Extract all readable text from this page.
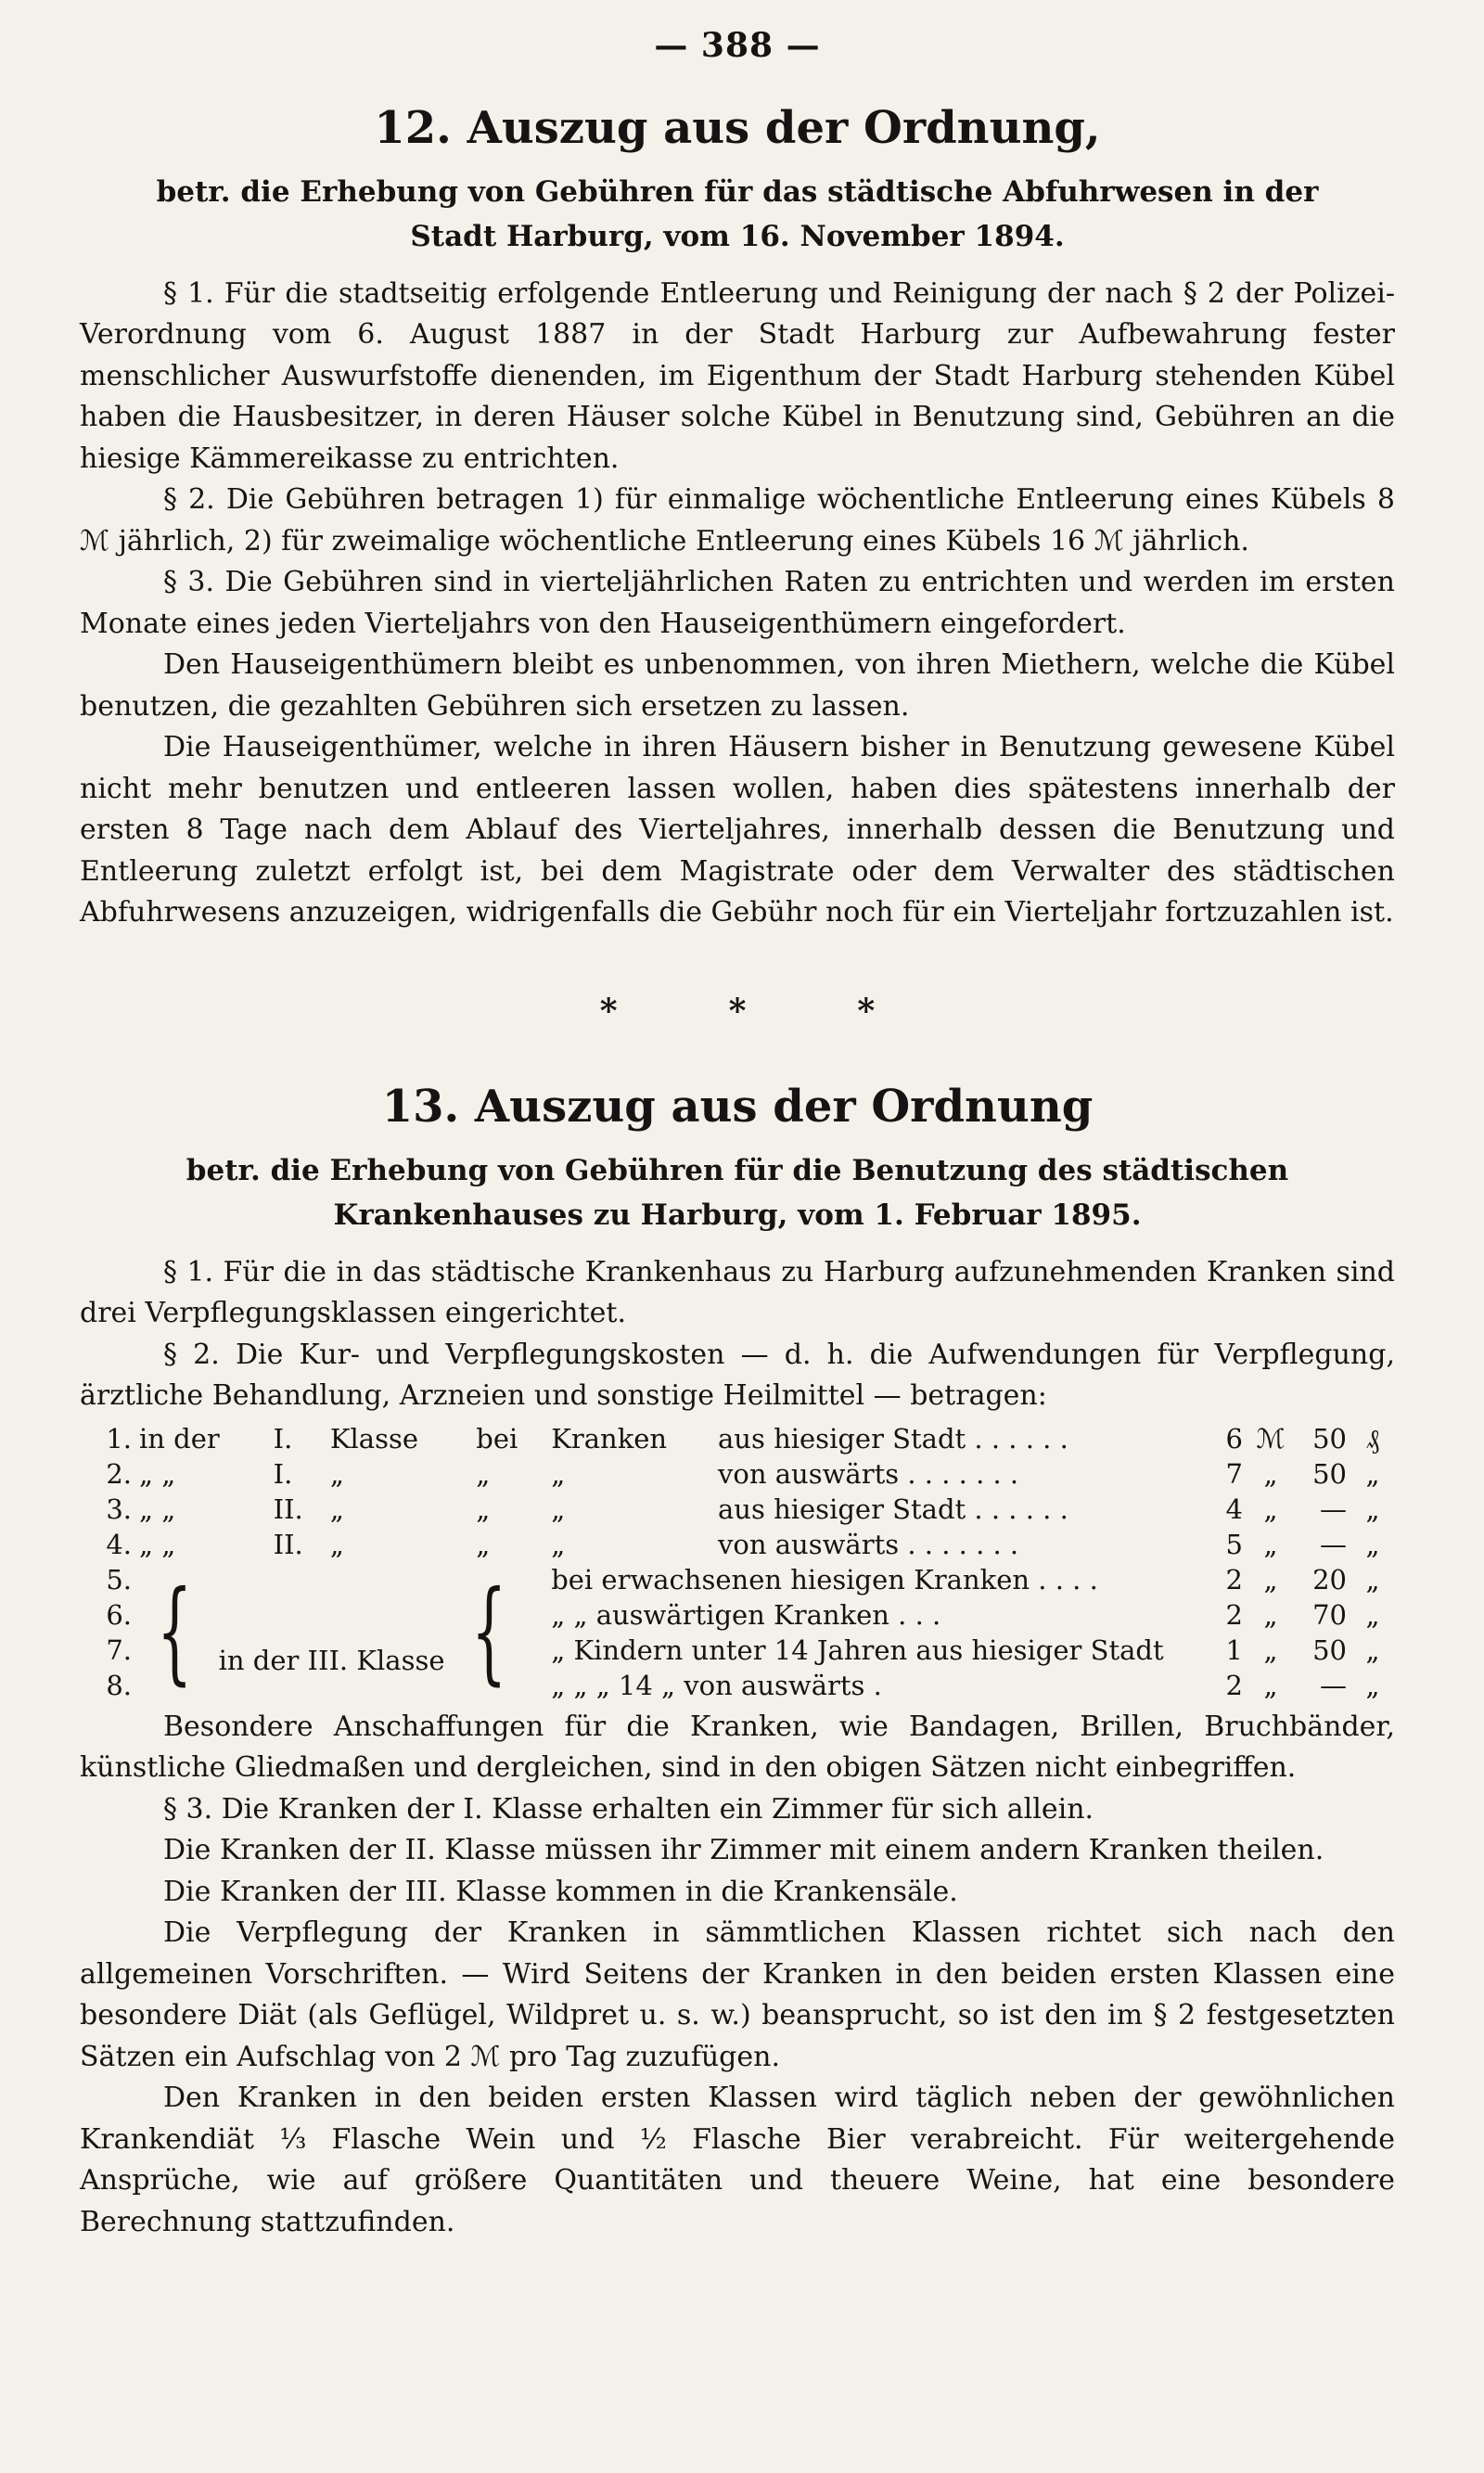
— 388 —
12. Auszug aus der Ordnung,
betr. die Erhebung von Gebühren für das städtische Abfuhrwesen in der
Stadt Harburg, vom 16. November 1894.

§ 1. Für die stadtseitig erfolgende Entleerung und Reinigung der nach § 2 der Polizei-Verordnung vom 6. August 1887 in der Stadt Harburg zur Aufbewahrung fester menschlicher Auswurfstoffe dienenden, im Eigenthum der Stadt Harburg stehenden Kübel haben die Hausbesitzer, in deren Häuser solche Kübel in Benutzung sind, Gebühren an die hiesige Kämmereikasse zu entrichten.

§ 2. Die Gebühren betragen 1) für einmalige wöchentliche Entleerung eines Kübels 8 ℳ jährlich, 2) für zweimalige wöchentliche Entleerung eines Kübels 16 ℳ jährlich.

§ 3. Die Gebühren sind in vierteljährlichen Raten zu entrichten und werden im ersten Monate eines jeden Vierteljahrs von den Hauseigenthümern eingefordert.

Den Hauseigenthümern bleibt es unbenommen, von ihren Miethern, welche die Kübel benutzen, die gezahlten Gebühren sich ersetzen zu lassen.

Die Hauseigenthümer, welche in ihren Häusern bisher in Benutzung gewesene Kübel nicht mehr benutzen und entleeren lassen wollen, haben dies spätestens innerhalb der ersten 8 Tage nach dem Ablauf des Vierteljahres, innerhalb dessen die Benutzung und Entleerung zuletzt erfolgt ist, bei dem Magistrate oder dem Verwalter des städtischen Abfuhrwesens anzuzeigen, widrigenfalls die Gebühr noch für ein Vierteljahr fortzuzahlen ist.

*	*	*
13. Auszug aus der Ordnung
betr. die Erhebung von Gebühren für die Benutzung des städtischen
Krankenhauses zu Harburg, vom 1. Februar 1895.

§ 1. Für die in das städtische Krankenhaus zu Harburg aufzunehmenden Kranken sind drei Verpflegungsklassen eingerichtet.

§ 2. Die Kur- und Verpflegungskosten — d. h. die Aufwendungen für Verpflegung, ärztliche Behandlung, Arzneien und sonstige Heilmittel — betragen:

1.	in der	I.	Klasse	bei	Kranken	aus hiesiger Stadt . . . . . .	6	ℳ	50	₰
2.	„ „	I.	„	„	„	von auswärts . . . . . . .	7	„	50	„
3.	„ „	II.	„	„	„	aus hiesiger Stadt . . . . . .	4	„	—	„
4.	„ „	II.	„	„	„	von auswärts . . . . . . .	5	„	—	„
5.	{ in der III. Klasse {				bei erwachsenen hiesigen Kranken . . . .		2	„	20	„
6.					„ „ auswärtigen Kranken . . .		2	„	70	„
7.					„ Kindern unter 14 Jahren aus hiesiger Stadt		1	„	50	„
8.					„ „ „ 14 „ von auswärts .		2	„	—	„

Besondere Anschaffungen für die Kranken, wie Bandagen, Brillen, Bruchbänder, künstliche Gliedmaßen und dergleichen, sind in den obigen Sätzen nicht einbegriffen.

§ 3. Die Kranken der I. Klasse erhalten ein Zimmer für sich allein.

Die Kranken der II. Klasse müssen ihr Zimmer mit einem andern Kranken theilen.

Die Kranken der III. Klasse kommen in die Krankensäle.

Die Verpflegung der Kranken in sämmtlichen Klassen richtet sich nach den allgemeinen Vorschriften. — Wird Seitens der Kranken in den beiden ersten Klassen eine besondere Diät (als Geflügel, Wildpret u. s. w.) beansprucht, so ist den im § 2 festgesetzten Sätzen ein Aufschlag von 2 ℳ pro Tag zuzufügen.

Den Kranken in den beiden ersten Klassen wird täglich neben der gewöhnlichen Krankendiät ⅓ Flasche Wein und ½ Flasche Bier verabreicht. Für weitergehende Ansprüche, wie auf größere Quantitäten und theuere Weine, hat eine besondere Berechnung stattzufinden.
